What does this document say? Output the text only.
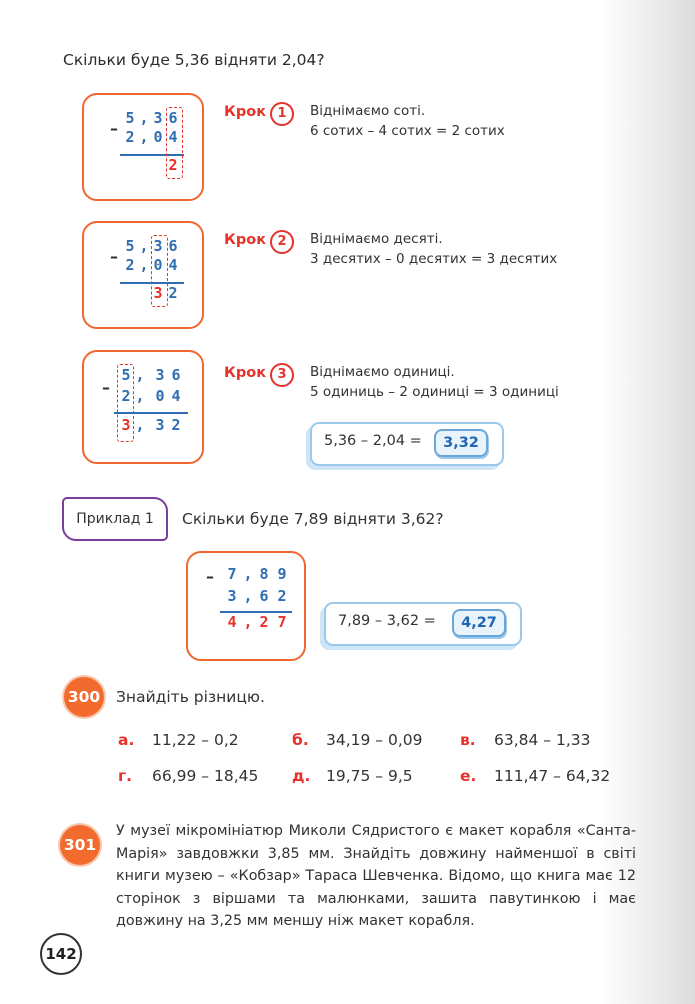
Скільки буде 5,36 відняти 2,04?
–
5 , 3 6
2 , 0 4
2
Крок 1	Віднімаємо соті.
6 сотих – 4 сотих = 2 сотих
–
5 , 3 6
2 , 0 4
3 2
Крок 2	Віднімаємо десяті.
3 десятих – 0 десятих = 3 десятих
–
5 , 3 6
2 , 0 4
3 , 3 2
Крок 3	Віднімаємо одиниці.
5 одиниць – 2 одиниці = 3 одиниці
5,36 – 2,04 =	3,32
Приклад 1	Скільки буде 7,89 відняти 3,62?
– 7 , 8 9
3 , 6 2
4 , 2 7	7,89 – 3,62 =	4,27
300 Знайдіть різницю.
а. 11,22 – 0,2	б. 34,19 – 0,09 в. 63,84 – 1,33
г. 66,99 – 18,45 д. 19,75 – 9,5	е. 111,47 – 64,32
301
У музеї мікромініатюр Миколи Сядристого є макет корабля «Санта-Марія» завдовжки 3,85 мм. Знайдіть довжину найменшої в світі книги музею – «Кобзар» Тараса Шевченка. Відомо, що книга має 12 сторінок з віршами та малюнками, зашита павутинкою і має довжину на 3,25 мм меншу ніж макет корабля.
142
